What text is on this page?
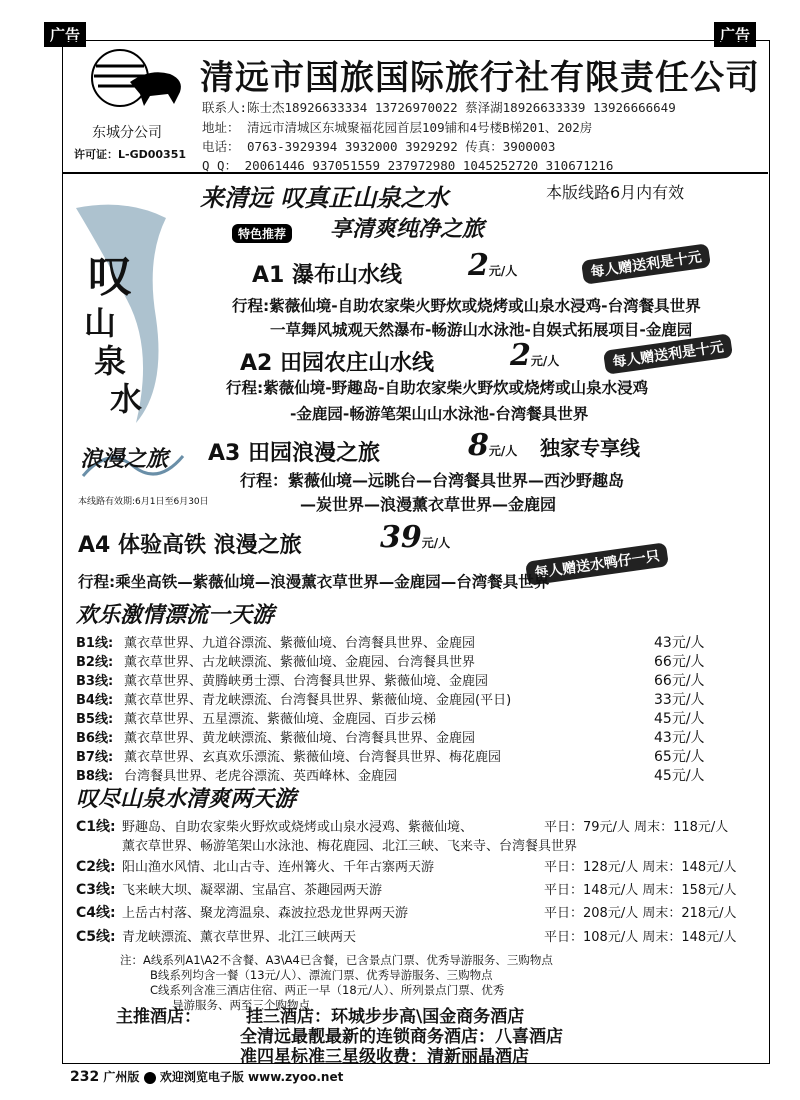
广告	广告
东城分公司
许可证：L-GD00351
清远市国旅国际旅行社有限责任公司
联系人:陈士杰18926633334 13726970022 蔡泽湖18926633339 13926666649
地址： 清远市清城区东城聚福花园首层109铺和4号楼B梯201、202房
电话： 0763-3929394 3932000 3929292 传真：3900003
Q Q： 20061446 937051559 237972980 1045252720 310671216
来清远 叹真正山泉之水
享清爽纯净之旅
本版线路6月内有效
特色推荐
叹
山
泉
水
A1 瀑布山水线 2元/人	每人赠送利是十元
行程:紫薇仙境-自助农家柴火野炊或烧烤或山泉水浸鸡-台湾餐具世界
一草舞风城观天然瀑布-畅游山水泳池-自娱式拓展项目-金鹿园
A2 田园农庄山水线	2元/人	每人赠送利是十元
行程:紫薇仙境-野趣岛-自助农家柴火野炊或烧烤或山泉水浸鸡
-金鹿园-畅游笔架山山水泳池-台湾餐具世界
浪漫之旅
本线路有效期:6月1日至6月30日
A3 田园浪漫之旅	8元/人 独家专享线
行程：紫薇仙境—远眺台—台湾餐具世界—西沙野趣岛
—炭世界—浪漫薰衣草世界—金鹿园
A4 体验高铁 浪漫之旅	39元/人
每人赠送水鸭仔一只
行程:乘坐高铁—紫薇仙境—浪漫薰衣草世界—金鹿园—台湾餐具世界
欢乐激情漂流一天游
B1线: 薰衣草世界、九道谷漂流、紫薇仙境、台湾餐具世界、金鹿园	43元/人
B2线: 薰衣草世界、古龙峡漂流、紫薇仙境、金鹿园、台湾餐具世界	66元/人
B3线: 薰衣草世界、黄腾峡勇士漂、台湾餐具世界、紫薇仙境、金鹿园	66元/人
B4线: 薰衣草世界、青龙峡漂流、台湾餐具世界、紫薇仙境、金鹿园(平日)	33元/人
B5线: 薰衣草世界、五星漂流、紫薇仙境、金鹿园、百步云梯	45元/人
B6线: 薰衣草世界、黄龙峡漂流、紫薇仙境、台湾餐具世界、金鹿园	43元/人
B7线: 薰衣草世界、玄真欢乐漂流、紫薇仙境、台湾餐具世界、梅花鹿园	65元/人
B8线: 台湾餐具世界、老虎谷漂流、英西峰林、金鹿园	45元/人
叹尽山泉水清爽两天游
C1线: 野趣岛、自助农家柴火野炊或烧烤或山泉水浸鸡、紫薇仙境、
薰衣草世界、畅游笔架山水泳池、梅花鹿园、北江三峡、飞来寺、台湾餐具世界
平日：79元/人 周末：118元/人
C2线: 阳山渔水风情、北山古寺、连州篝火、千年古寨两天游	平日：128元/人 周末：148元/人
C3线: 飞来峡大坝、凝翠湖、宝晶宫、茶趣园两天游	平日：148元/人 周末：158元/人
C4线: 上岳古村落、聚龙湾温泉、森波拉恐龙世界两天游	平日：208元/人 周末：218元/人
C5线: 青龙峡漂流、薰衣草世界、北江三峡两天	平日：108元/人 周末：148元/人
注：A线系列A1\A2不含餐、A3\A4已含餐，已含景点门票、优秀导游服务、三购物点
B线系列均含一餐（13元/人）、漂流门票、优秀导游服务、三购物点
C线系列含准三酒店住宿、两正一早（18元/人）、所列景点门票、优秀
导游服务、两至三个购物点
主推酒店：	挂三酒店：环城步步高\国金商务酒店
全清远最靓最新的连锁商务酒店：八喜酒店
准四星标准三星级收费：清新丽晶酒店
232 广州版 欢迎浏览电子版 www.zyoo.net
